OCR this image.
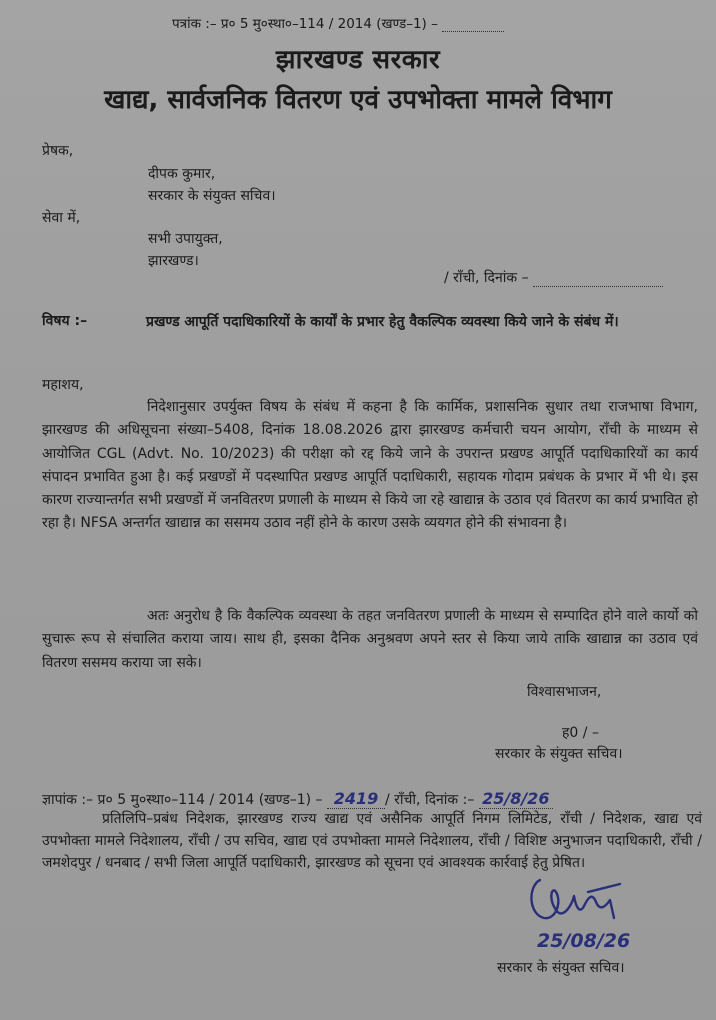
पत्रांक :– प्र० 5 मु०स्था०–114 / 2014 (खण्ड–1) –
झारखण्ड सरकार
खाद्य, सार्वजनिक वितरण एवं उपभोक्ता मामले विभाग
प्रेषक,
दीपक कुमार,
सरकार के संयुक्त सचिव।
सेवा में,
सभी उपायुक्त,
झारखण्ड।
/ रॉंची, दिनांक –
विषय :–	प्रखण्ड आपूर्ति पदाधिकारियों के कार्यों के प्रभार हेतु वैकल्पिक व्यवस्था किये जाने के संबंध में।
महाशय,
निदेशानुसार उपर्युक्त विषय के संबंध में कहना है कि कार्मिक, प्रशासनिक सुधार तथा राजभाषा विभाग, झारखण्ड की अधिसूचना संख्या–5408, दिनांक 18.08.2026 द्वारा झारखण्ड कर्मचारी चयन आयोग, रॉंची के माध्यम से आयोजित CGL (Advt. No. 10/2023) की परीक्षा को रद्द किये जाने के उपरान्त प्रखण्ड आपूर्ति पदाधिकारियों का कार्य संपादन प्रभावित हुआ है। कई प्रखण्डों में पदस्थापित प्रखण्ड आपूर्ति पदाधिकारी, सहायक गोदाम प्रबंधक के प्रभार में भी थे। इस कारण राज्यान्तर्गत सभी प्रखण्डों में जनवितरण प्रणाली के माध्यम से किये जा रहे खाद्यान्न के उठाव एवं वितरण का कार्य प्रभावित हो रहा है। NFSA अन्तर्गत खाद्यान्न का ससमय उठाव नहीं होने के कारण उसके व्ययगत होने की संभावना है।
अतः अनुरोध है कि वैकल्पिक व्यवस्था के तहत जनवितरण प्रणाली के माध्यम से सम्पादित होने वाले कार्यो को सुचारू रूप से संचालित कराया जाय। साथ ही, इसका दैनिक अनुश्रवण अपने स्तर से किया जाये ताकि खाद्यान्न का उठाव एवं वितरण ससमय कराया जा सके।
विश्वासभाजन,
ह0 / –
सरकार के संयुक्त सचिव।
ज्ञापांक :– प्र० 5 मु०स्था०–114 / 2014 (खण्ड–1) – 2419 / रॉंची, दिनांक :– 25/8/26
प्रतिलिपि–प्रबंध निदेशक, झारखण्ड राज्य खाद्य एवं असैनिक आपूर्ति निगम लिमिटेड, रॉंची / निदेशक, खाद्य एवं उपभोक्ता मामले निदेशालय, रॉंची / उप सचिव, खाद्य एवं उपभोक्ता मामले निदेशालय, रॉंची / विशिष्ट अनुभाजन पदाधिकारी, रॉंची / जमशेदपुर / धनबाद / सभी जिला आपूर्ति पदाधिकारी, झारखण्ड को सूचना एवं आवश्यक कार्रवाई हेतु प्रेषित।
25/08/26
सरकार के संयुक्त सचिव।
